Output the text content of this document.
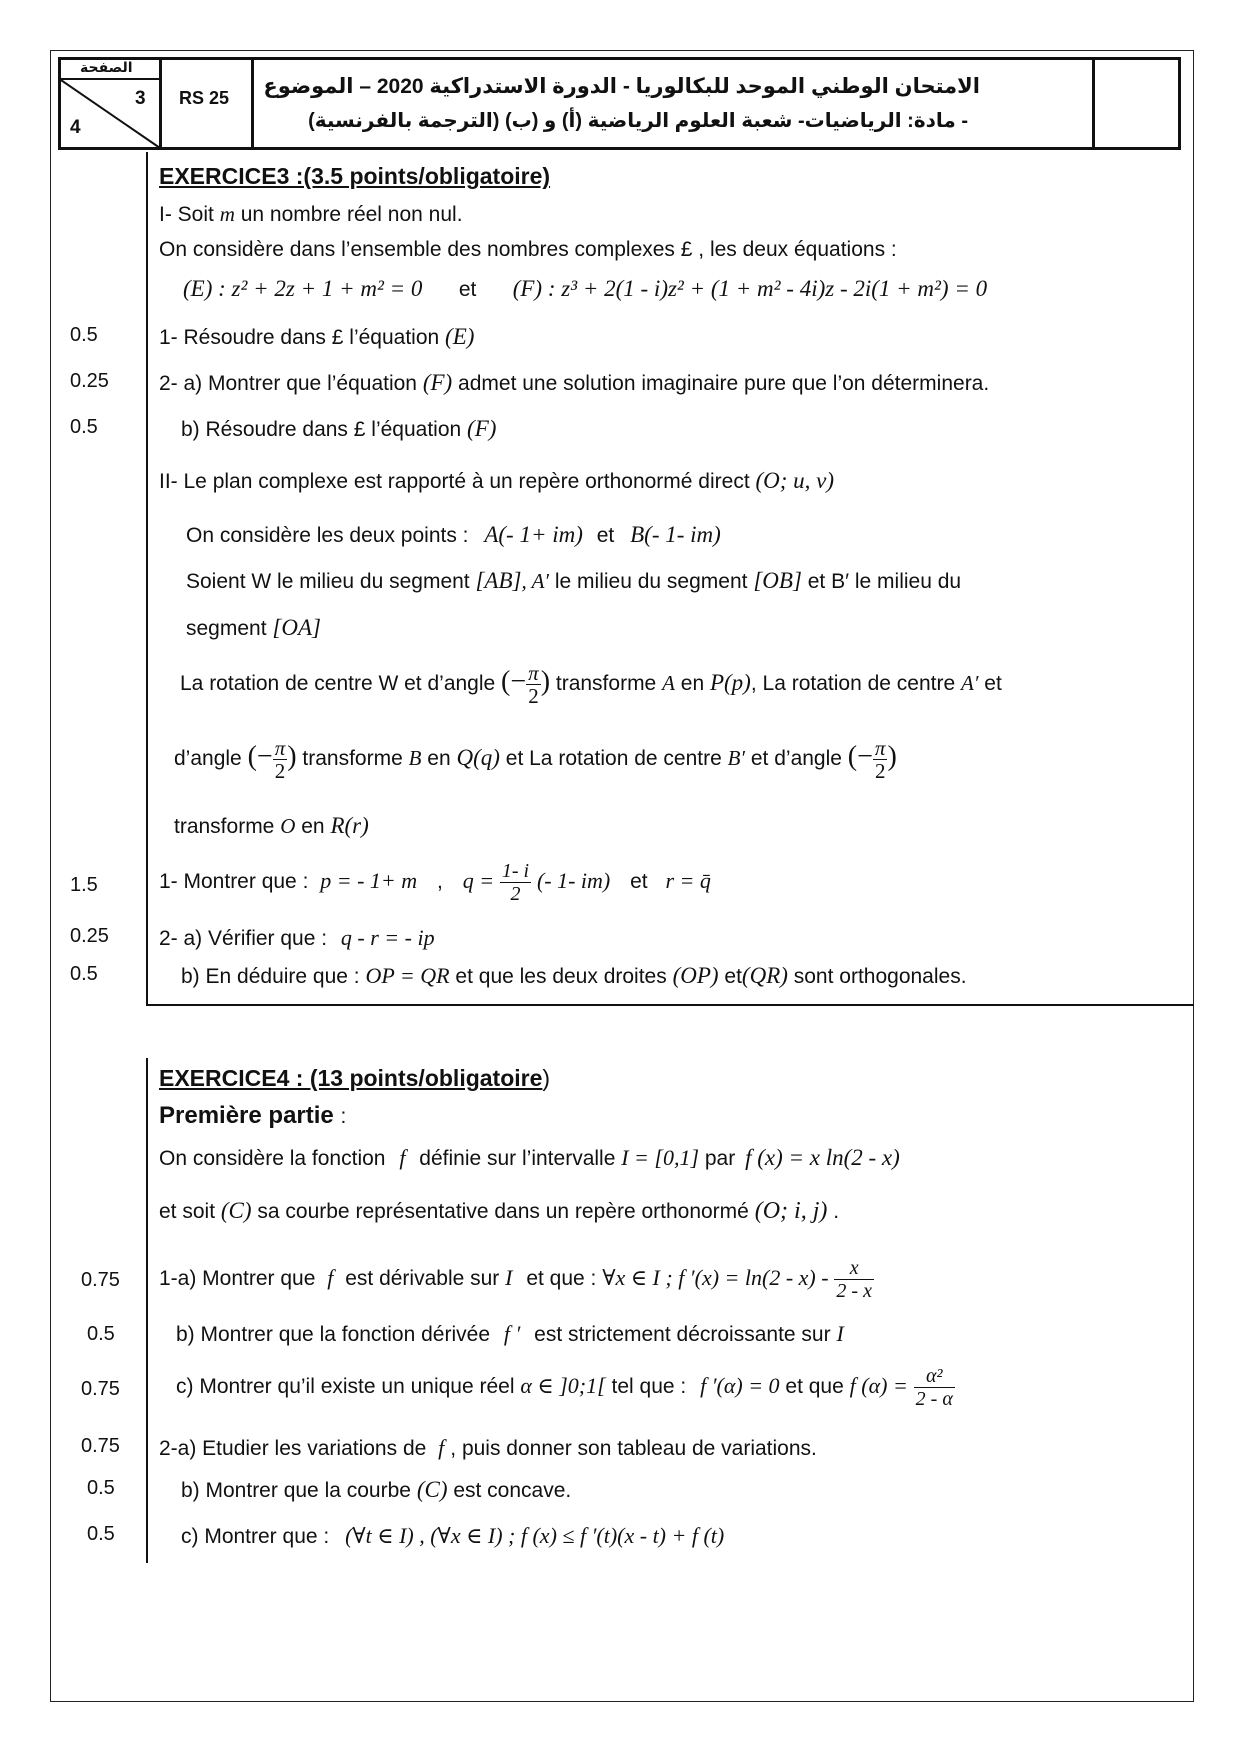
الصفحة
3
4
RS 25 الامتحان الوطني الموحد للبكالوريا - الدورة الاستدراكية 2020 – الموضوع
- مادة: الرياضيات- شعبة العلوم الرياضية (أ) و (ب) (الترجمة بالفرنسية)
0.5
0.25
0.5
1.5
0.25
0.5
0.75
0.5
0.75
0.75
0.5
0.5
EXERCICE3 :(3.5 points/obligatoire)
I- Soit m un nombre réel non nul.
On considère dans l’ensemble des nombres complexes £ , les deux équations :
(E) : z² + 2z + 1 + m² = 0 et (F) : z³ + 2(1 - i)z² + (1 + m² - 4i)z - 2i(1 + m²) = 0
1- Résoudre dans £ l’équation (E)
2- a) Montrer que l’équation (F) admet une solution imaginaire pure que l’on déterminera.
b) Résoudre dans £ l’équation (F)
II- Le plan complexe est rapporté à un repère orthonormé direct (O; u, v)
On considère les deux points : A(- 1+ im) et B(- 1- im)
Soient W le milieu du segment [AB], A′ le milieu du segment [OB] et B′ le milieu du
segment [OA]
La rotation de centre W et d’angle (− $\frac{\pi}{2}$ ) transforme A en P(p), La rotation de centre A′ et
d’angle (− $\frac{\pi}{2}$ ) transforme B en Q(q) et La rotation de centre B′ et d’angle (− $\frac{\pi}{2}$ )
transforme O en R(r)
1- Montrer que : p = - 1+ m , $q = \frac{1- i}{2}$ (- 1- im) et r = q̄
2- a) Vérifier que : q - r = - ip
b) En déduire que : OP = QR et que les deux droites (OP) et(QR) sont orthogonales.
EXERCICE4 : (13 points/obligatoire)
Première partie :
On considère la fonction f définie sur l’intervalle I = [0,1] par f (x) = x ln(2 - x)
et soit (C) sa courbe représentative dans un repère orthonormé (O; i, j) .
1-a) Montrer que f est dérivable sur I et que : ∀x ∈ I ; f $'(x) = \ln(2 - x) - \frac{x}{2 - x}$
b) Montrer que la fonction dérivée f ′ est strictement décroissante sur I
c) Montrer qu’il existe un unique réel α ∈ ]0;1[ tel que : f ′(α) = 0 et que f $(\alpha) = \frac{\text{α²}}{2 - \alpha}$
2-a) Etudier les variations de f , puis donner son tableau de variations.
b) Montrer que la courbe (C) est concave.
c) Montrer que : (∀t ∈ I) , (∀x ∈ I) ; f (x) ≤ f ′(t)(x - t) + f (t)
